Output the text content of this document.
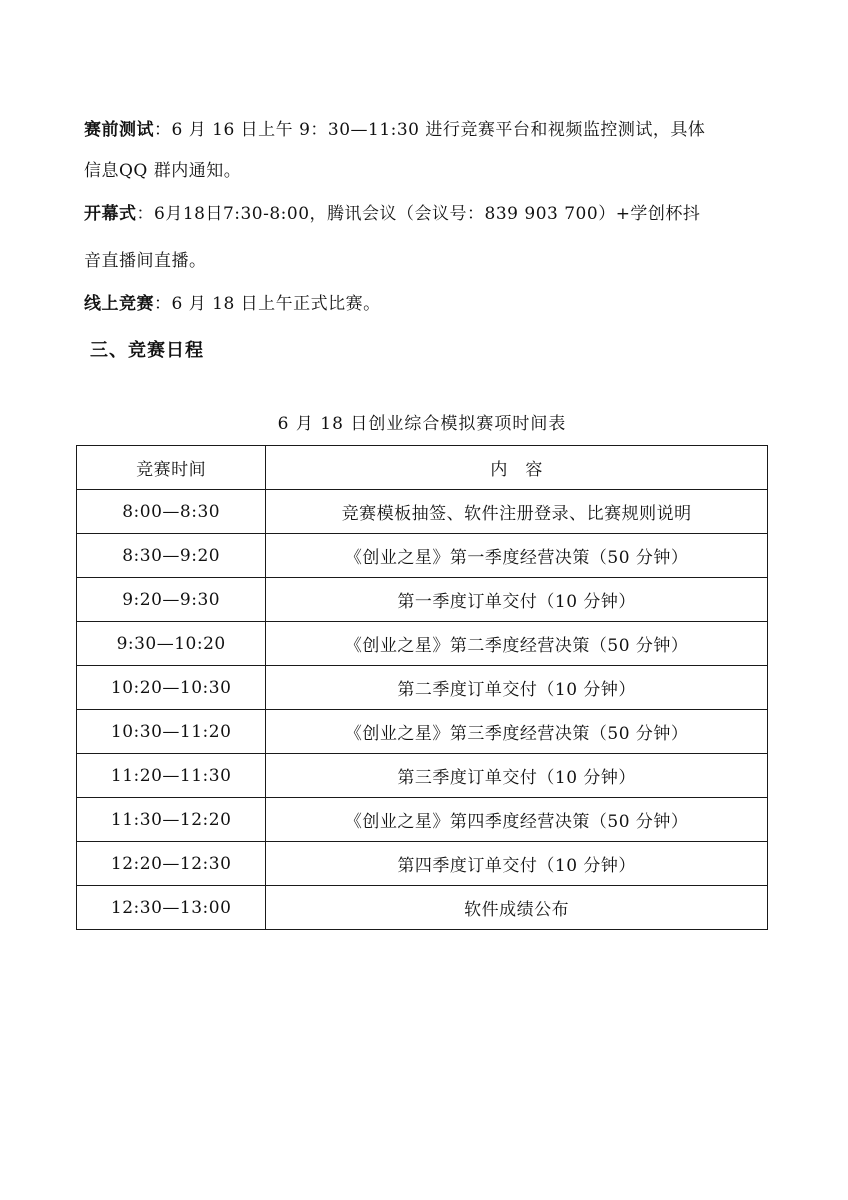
赛前测试：6 月 16 日上午 9：30—11:30 进行竞赛平台和视频监控测试，具体
信息QQ 群内通知。

开幕式：6月18日7:30-8:00，腾讯会议（会议号：839 903 700）+学创杯抖
音直播间直播。

线上竞赛：6 月 18 日上午正式比赛。

三、竞赛日程

6 月 18 日创业综合模拟赛项时间表

竞赛时间	内　容
8:00—8:30	竞赛模板抽签、软件注册登录、比赛规则说明
8:30—9:20	《创业之星》第一季度经营决策（50 分钟）
9:20—9:30	第一季度订单交付（10 分钟）
9:30—10:20	《创业之星》第二季度经营决策（50 分钟）
10:20—10:30	第二季度订单交付（10 分钟）
10:30—11:20	《创业之星》第三季度经营决策（50 分钟）
11:20—11:30	第三季度订单交付（10 分钟）
11:30—12:20	《创业之星》第四季度经营决策（50 分钟）
12:20—12:30	第四季度订单交付（10 分钟）
12:30—13:00	软件成绩公布
